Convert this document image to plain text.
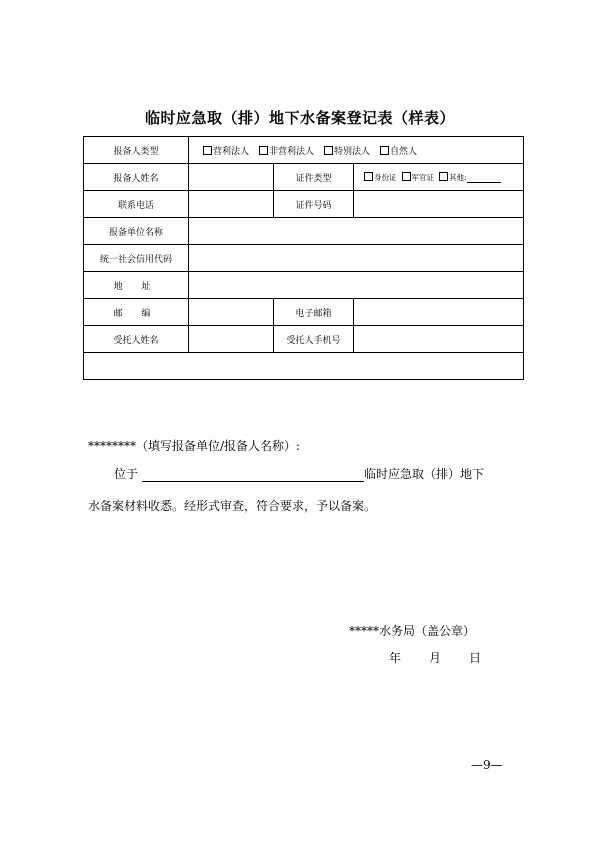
临时应急取（排）地下水备案登记表（样表）
报备人类型	营利法人 非营利法人 特别法人 自然人		

报备人姓名		证件类型	身份证 军官证 其他:

联系电话		证件号码	
报备单位名称			
统一社会信用代码			
地 址			
邮 编		电子邮箱	
受托人姓名		受托人手机号	

********（填写报备单位/报备人名称）:
位于 临时应急取（排）地下
水备案材料收悉。经形式审查，符合要求，予以备案。
*****水务局（盖公章）
年 月 日			
—9—
